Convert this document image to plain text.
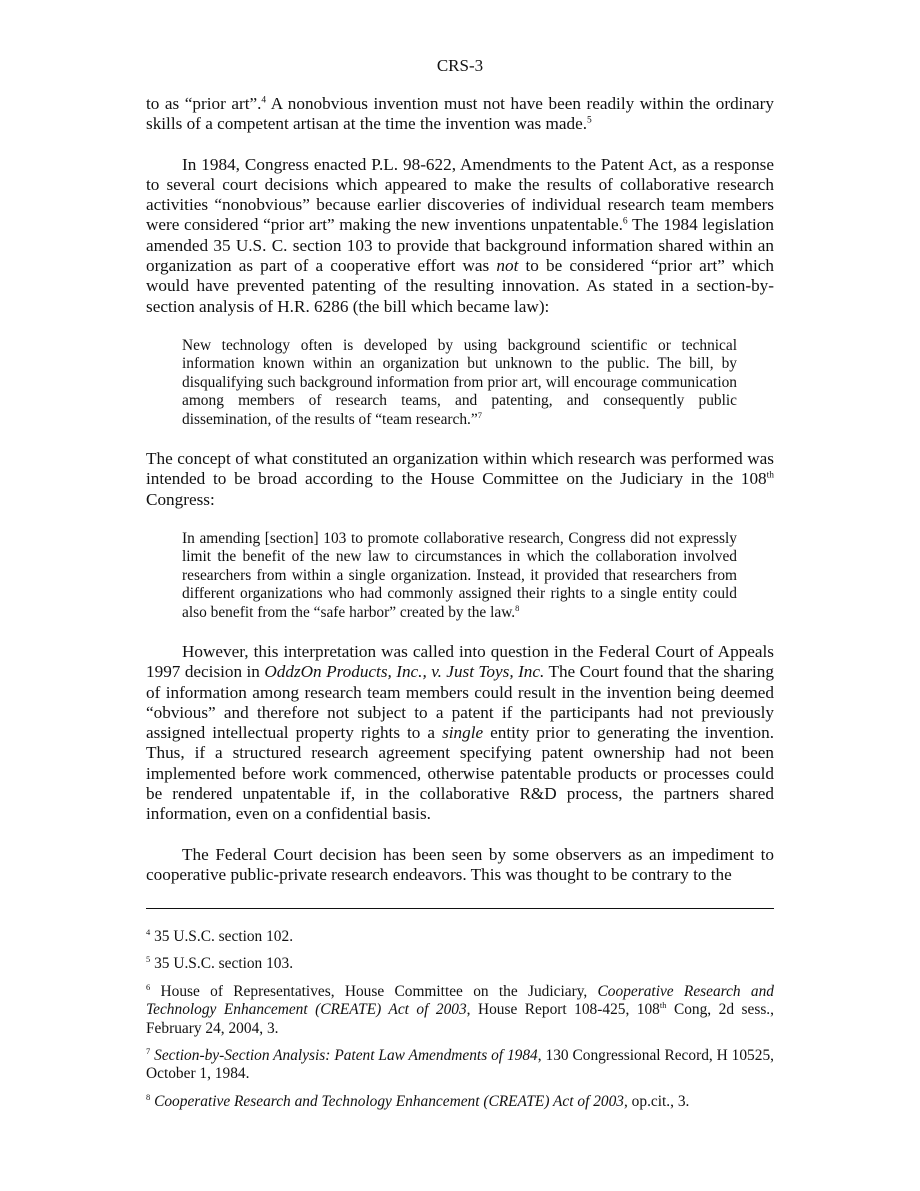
CRS-3

to as “prior art”.$^4$ A nonobvious invention must not have been readily within the ordinary skills of a competent artisan at the time the invention was made.$^5$

In 1984, Congress enacted P.L. 98-622, Amendments to the Patent Act, as a response to several court decisions which appeared to make the results of collaborative research activities “nonobvious” because earlier discoveries of individual research team members were considered “prior art” making the new inventions unpatentable.$^6$ The 1984 legislation amended 35 U.S. C. section 103 to provide that background information shared within an organization as part of a cooperative effort was not to be considered “prior art” which would have prevented patenting of the resulting innovation. As stated in a section-by-section analysis of H.R. 6286 (the bill which became law):

New technology often is developed by using background scientific or technical information known within an organization but unknown to the public. The bill, by disqualifying such background information from prior art, will encourage communication among members of research teams, and patenting, and consequently public dissemination, of the results of “team research.”$^7$

The concept of what constituted an organization within which research was performed was intended to be broad according to the House Committee on the Judiciary in the 108th Congress:

In amending [section] 103 to promote collaborative research, Congress did not expressly limit the benefit of the new law to circumstances in which the collaboration involved researchers from within a single organization. Instead, it provided that researchers from different organizations who had commonly assigned their rights to a single entity could also benefit from the “safe harbor” created by the law.$^8$

However, this interpretation was called into question in the Federal Court of Appeals 1997 decision in OddzOn Products, Inc., v. Just Toys, Inc. The Court found that the sharing of information among research team members could result in the invention being deemed “obvious” and therefore not subject to a patent if the participants had not previously assigned intellectual property rights to a single entity prior to generating the invention. Thus, if a structured research agreement specifying patent ownership had not been implemented before work commenced, otherwise patentable products or processes could be rendered unpatentable if, in the collaborative R&D process, the partners shared information, even on a confidential basis.

The Federal Court decision has been seen by some observers as an impediment to cooperative public-private research endeavors. This was thought to be contrary to the

$^4$ 35 U.S.C. section 102.

$^5$ 35 U.S.C. section 103.

$^6$ House of Representatives, House Committee on the Judiciary, Cooperative Research and Technology Enhancement (CREATE) Act of 2003, House Report 108-425, 108th Cong, 2d sess., February 24, 2004, 3.

$^7$ Section-by-Section Analysis: Patent Law Amendments of 1984, 130 Congressional Record, H 10525, October 1, 1984.

$^8$ Cooperative Research and Technology Enhancement (CREATE) Act of 2003, op.cit., 3.
